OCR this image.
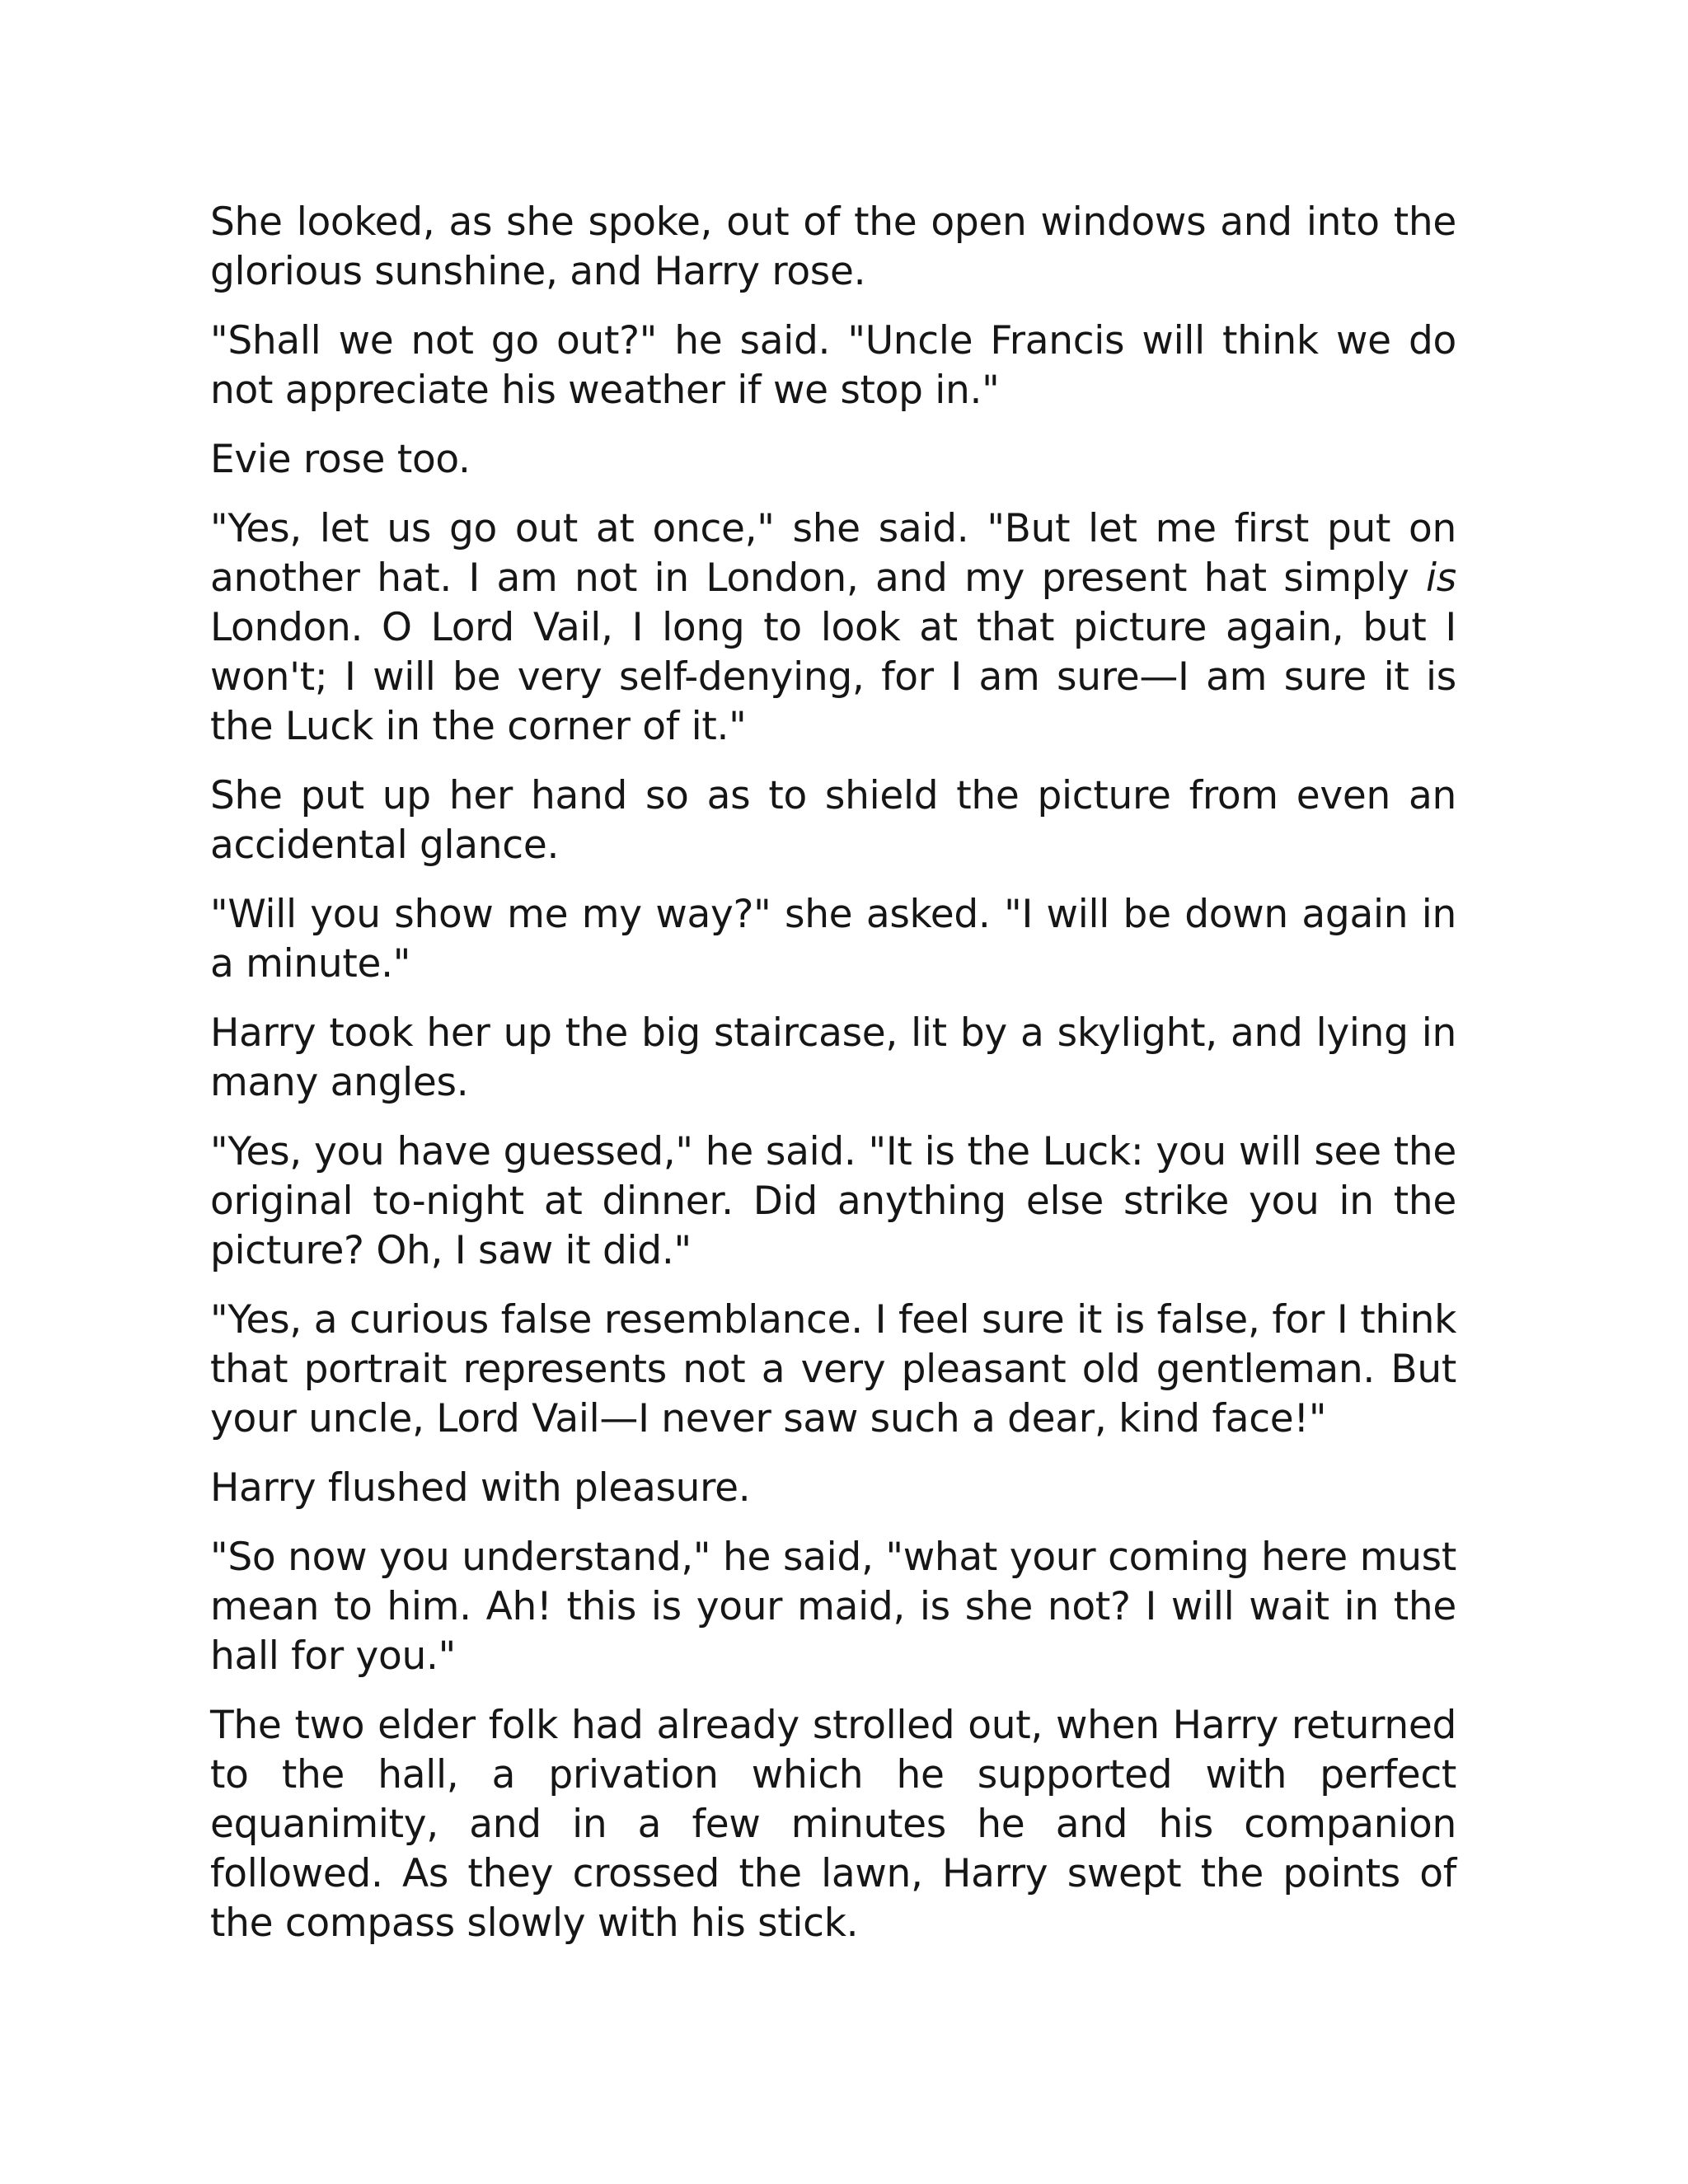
She looked, as she spoke, out of the open windows and into the glorious sunshine, and Harry rose.

"Shall we not go out?" he said. "Uncle Francis will think we do not appreciate his weather if we stop in."

Evie rose too.

"Yes, let us go out at once," she said. "But let me first put on another hat. I am not in London, and my present hat simply is London. O Lord Vail, I long to look at that picture again, but I won't; I will be very self-denying, for I am sure—I am sure it is the Luck in the corner of it."

She put up her hand so as to shield the picture from even an accidental glance.

"Will you show me my way?" she asked. "I will be down again in a minute."

Harry took her up the big staircase, lit by a skylight, and lying in many angles.

"Yes, you have guessed," he said. "It is the Luck: you will see the original to-night at dinner. Did anything else strike you in the picture? Oh, I saw it did."

"Yes, a curious false resemblance. I feel sure it is false, for I think that portrait represents not a very pleasant old gentleman. But your uncle, Lord Vail—I never saw such a dear, kind face!"

Harry flushed with pleasure.

"So now you understand," he said, "what your coming here must mean to him. Ah! this is your maid, is she not? I will wait in the hall for you."

The two elder folk had already strolled out, when Harry returned to the hall, a privation which he supported with perfect equanimity, and in a few minutes he and his companion followed. As they crossed the lawn, Harry swept the points of the compass slowly with his stick.
